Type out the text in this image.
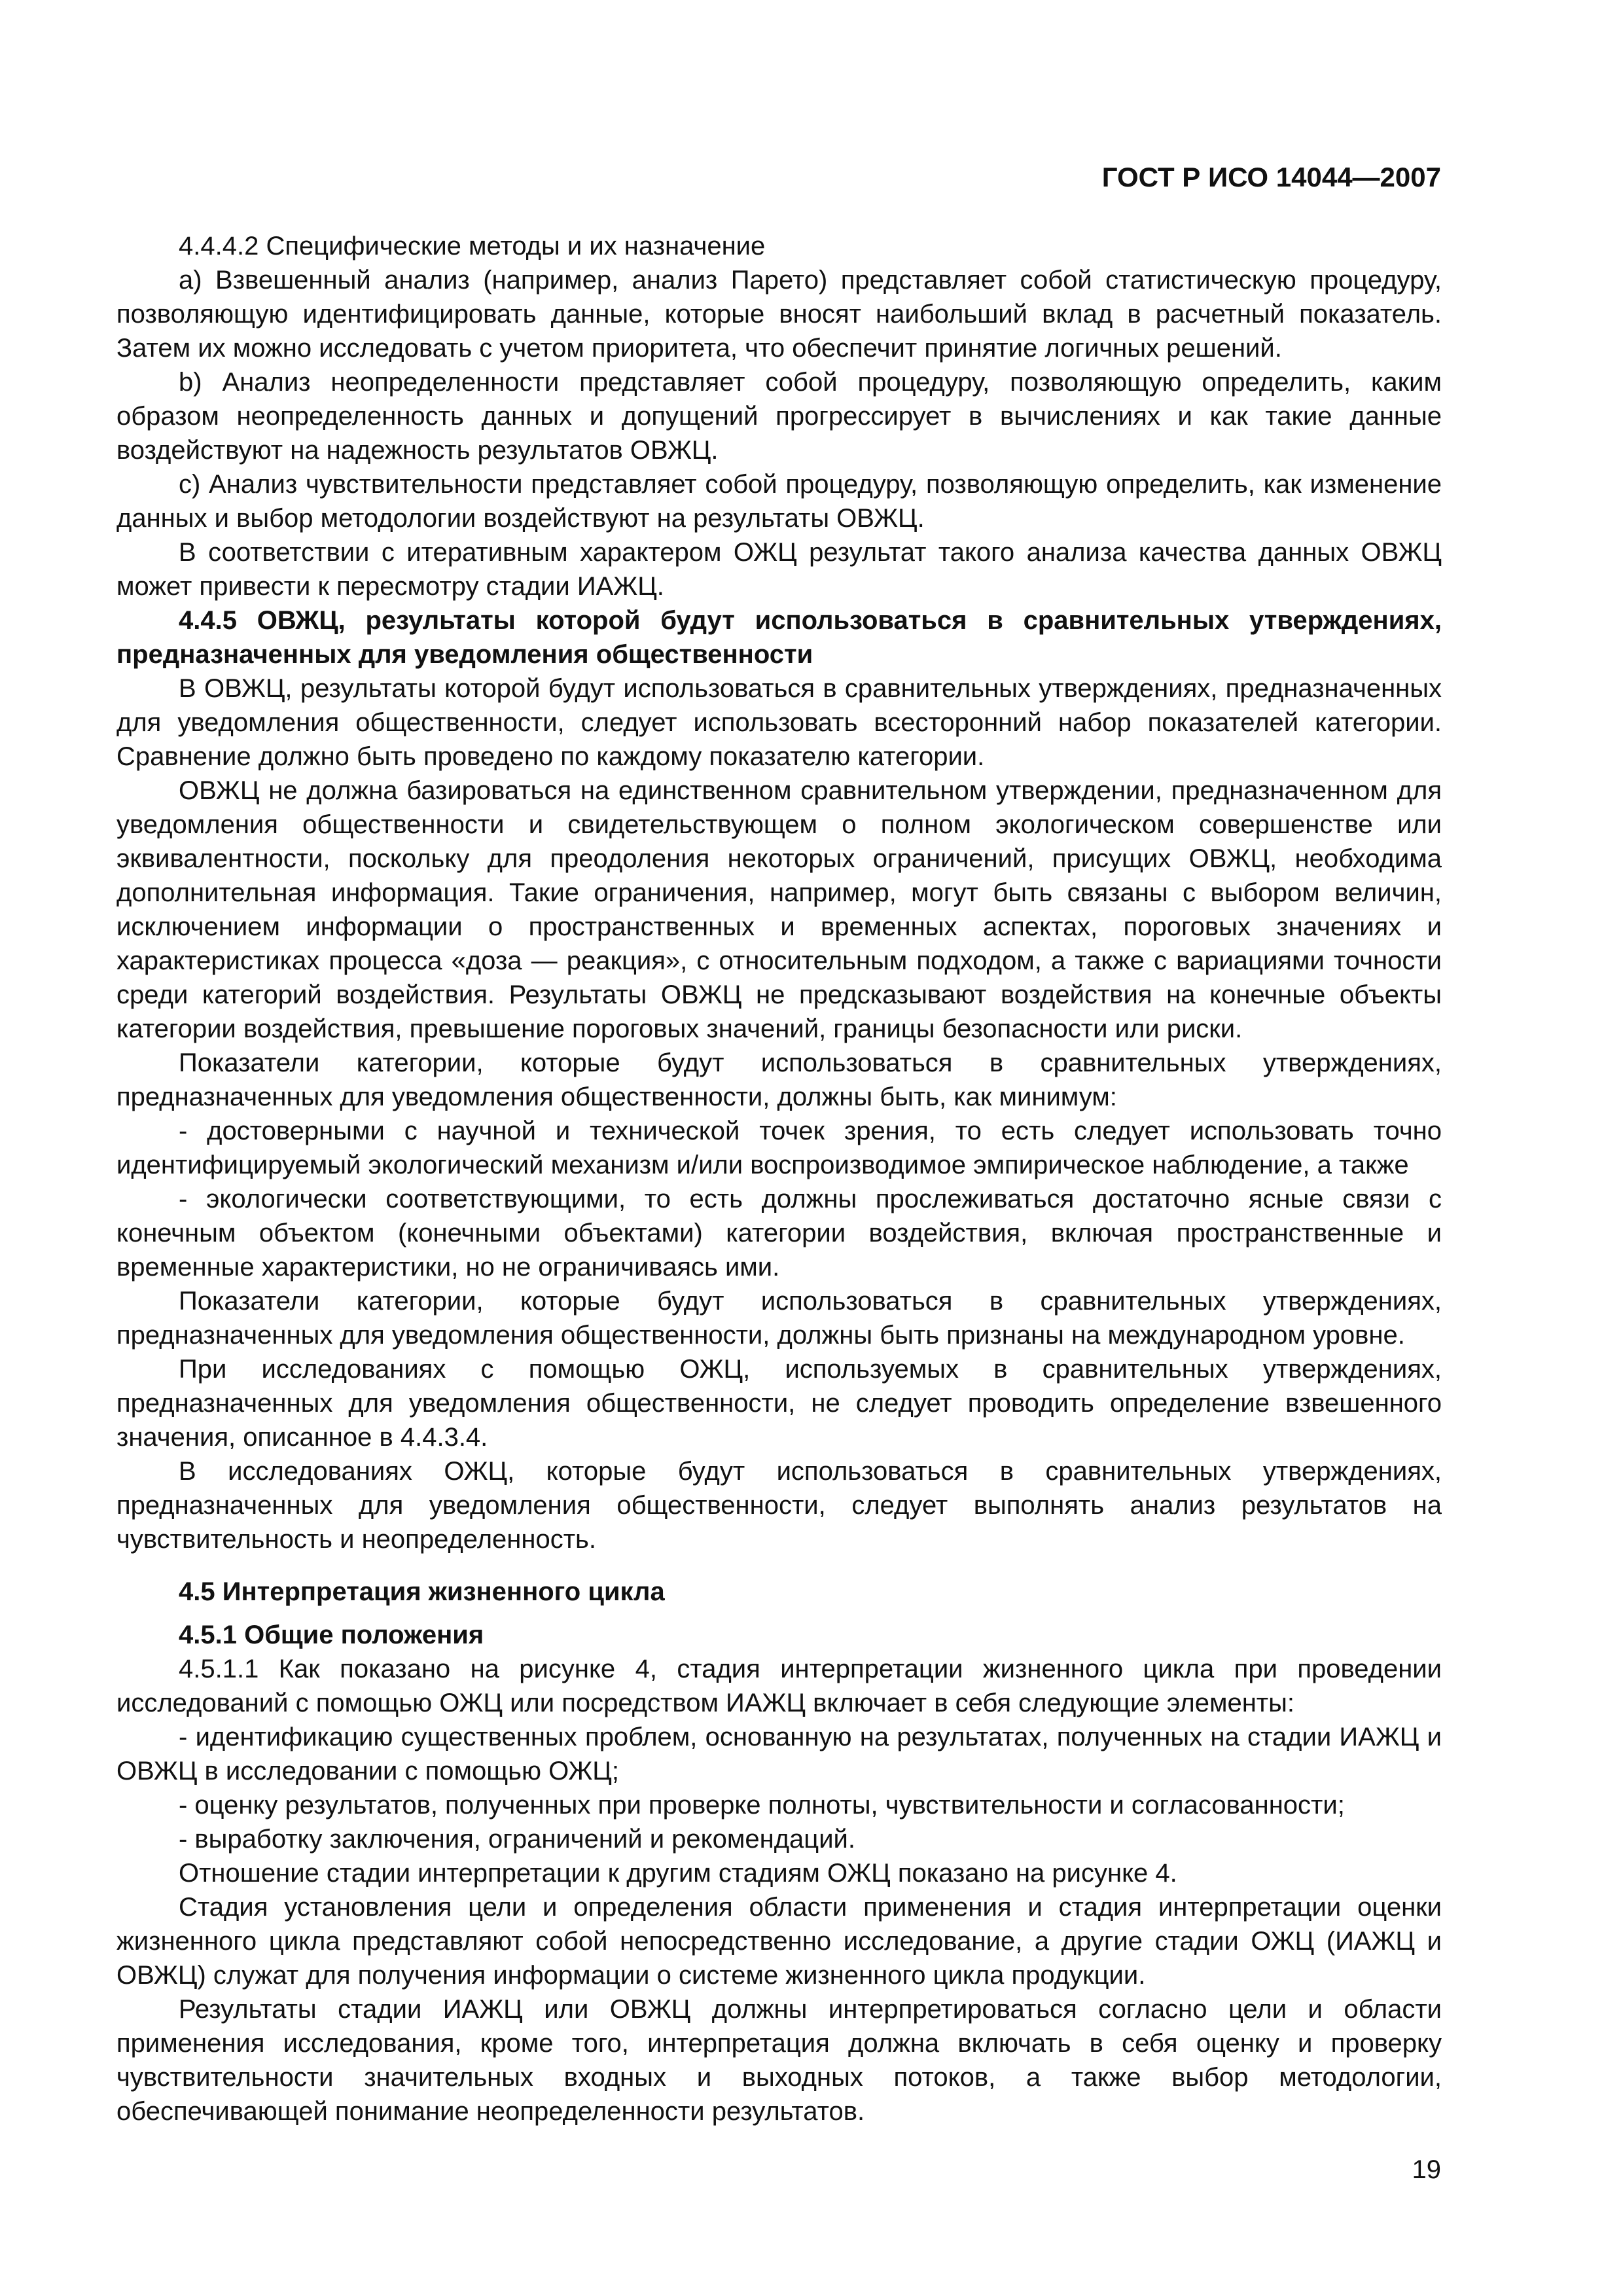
ГОСТ Р ИСО 14044—2007

4.4.4.2 Специфические методы и их назначение

a) Взвешенный анализ (например, анализ Парето) представляет собой статистическую процедуру, позволяющую идентифицировать данные, которые вносят наибольший вклад в расчетный показатель. Затем их можно исследовать с учетом приоритета, что обеспечит принятие логичных решений.

b) Анализ неопределенности представляет собой процедуру, позволяющую определить, каким образом неопределенность данных и допущений прогрессирует в вычислениях и как такие данные воздействуют на надежность результатов ОВЖЦ.

c) Анализ чувствительности представляет собой процедуру, позволяющую определить, как изменение данных и выбор методологии воздействуют на результаты ОВЖЦ.

В соответствии с итеративным характером ОЖЦ результат такого анализа качества данных ОВЖЦ может привести к пересмотру стадии ИАЖЦ.

4.4.5 ОВЖЦ, результаты которой будут использоваться в сравнительных утверждениях, предназначенных для уведомления общественности

В ОВЖЦ, результаты которой будут использоваться в сравнительных утверждениях, предназначенных для уведомления общественности, следует использовать всесторонний набор показателей категории. Сравнение должно быть проведено по каждому показателю категории.

ОВЖЦ не должна базироваться на единственном сравнительном утверждении, предназначенном для уведомления общественности и свидетельствующем о полном экологическом совершенстве или эквивалентности, поскольку для преодоления некоторых ограничений, присущих ОВЖЦ, необходима дополнительная информация. Такие ограничения, например, могут быть связаны с выбором величин, исключением информации о пространственных и временных аспектах, пороговых значениях и характеристиках процесса «доза — реакция», с относительным подходом, а также с вариациями точности среди категорий воздействия. Результаты ОВЖЦ не предсказывают воздействия на конечные объекты категории воздействия, превышение пороговых значений, границы безопасности или риски.

Показатели категории, которые будут использоваться в сравнительных утверждениях, предназначенных для уведомления общественности, должны быть, как минимум:

- достоверными с научной и технической точек зрения, то есть следует использовать точно идентифицируемый экологический механизм и/или воспроизводимое эмпирическое наблюдение, а также

- экологически соответствующими, то есть должны прослеживаться достаточно ясные связи с конечным объектом (конечными объектами) категории воздействия, включая пространственные и временные характеристики, но не ограничиваясь ими.

Показатели категории, которые будут использоваться в сравнительных утверждениях, предназначенных для уведомления общественности, должны быть признаны на международном уровне.

При исследованиях с помощью ОЖЦ, используемых в сравнительных утверждениях, предназначенных для уведомления общественности, не следует проводить определение взвешенного значения, описанное в 4.4.3.4.

В исследованиях ОЖЦ, которые будут использоваться в сравнительных утверждениях, предназначенных для уведомления общественности, следует выполнять анализ результатов на чувствительность и неопределенность.

4.5 Интерпретация жизненного цикла

4.5.1 Общие положения

4.5.1.1 Как показано на рисунке 4, стадия интерпретации жизненного цикла при проведении исследований с помощью ОЖЦ или посредством ИАЖЦ включает в себя следующие элементы:

- идентификацию существенных проблем, основанную на результатах, полученных на стадии ИАЖЦ и ОВЖЦ в исследовании с помощью ОЖЦ;

- оценку результатов, полученных при проверке полноты, чувствительности и согласованности;

- выработку заключения, ограничений и рекомендаций.

Отношение стадии интерпретации к другим стадиям ОЖЦ показано на рисунке 4.

Стадия установления цели и определения области применения и стадия интерпретации оценки жизненного цикла представляют собой непосредственно исследование, а другие стадии ОЖЦ (ИАЖЦ и ОВЖЦ) служат для получения информации о системе жизненного цикла продукции.

Результаты стадии ИАЖЦ или ОВЖЦ должны интерпретироваться согласно цели и области применения исследования, кроме того, интерпретация должна включать в себя оценку и проверку чувствительности значительных входных и выходных потоков, а также выбор методологии, обеспечивающей понимание неопределенности результатов.

19
